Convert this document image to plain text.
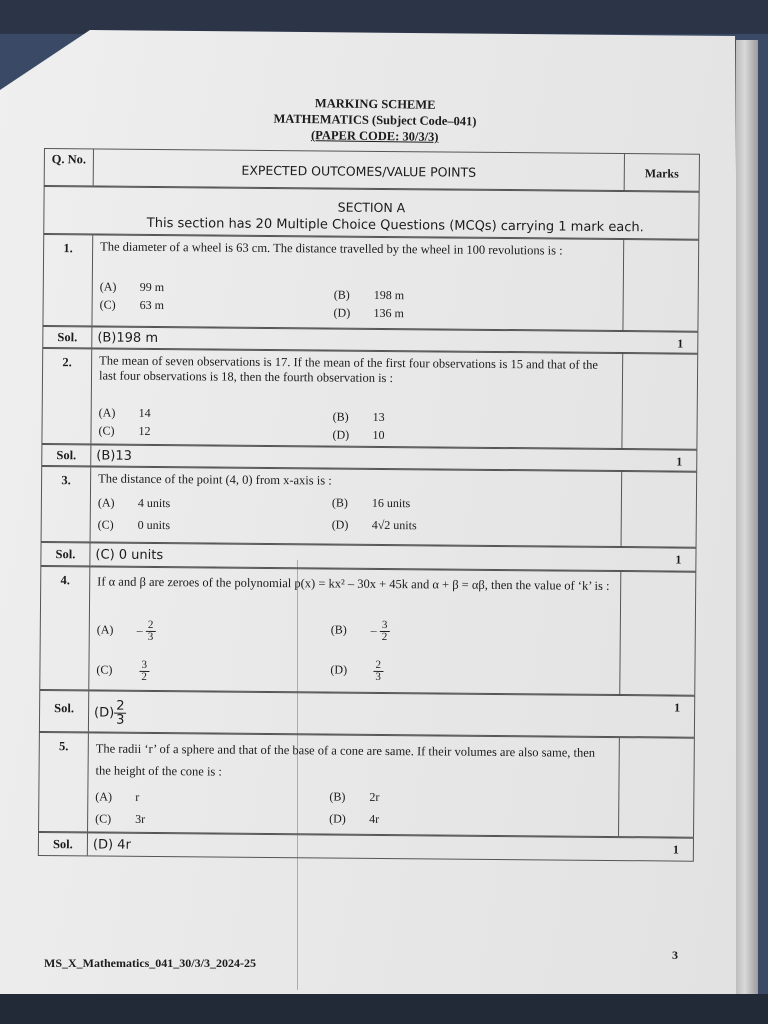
MARKING SCHEME
MATHEMATICS (Subject Code–041)
(PAPER CODE: 30/3/3)
Q. No.
EXPECTED OUTCOMES/VALUE POINTS	Marks
SECTION A
This section has 20 Multiple Choice Questions (MCQs) carrying 1 mark each.
1.	The diameter of a wheel is 63 cm. The distance travelled by the wheel in 100 revolutions is :
(A) 99 m
(B) 198 m
(C) 63 m
(D) 136 m
Sol.	(B)198 m	1
2.	The mean of seven observations is 17. If the mean of the first four observations is 15 and that of the last four observations is 18, then the fourth observation is :
(A) 14	(B) 13
(C) 12	(D) 10
Sol.	(B)13	1
3.	The distance of the point (4, 0) from x-axis is :
(A) 4 units	(B) 16 units
(C) 0 units	(D) 4√2 units
Sol.	(C) 0 units	1
4.	If α and β are zeroes of the polynomial p(x) = kx² – 30x + 45k and α + β = αβ, then the value of ‘k’ is :
$(A) - \frac{2}{3}$	$(B) - \frac{3}{2}$
$(C) \frac{3}{2}$	$(D) \frac{2}{3}$
Sol.	$(D) \frac{2}{3}$	1
5.	The radii ‘r’ of a sphere and that of the base of a cone are same. If their volumes are also same, then the height of the cone is :
(A) r	(B) 2r
(C) 3r	(D) 4r
Sol.	(D) 4r	1
MS_X_Mathematics_041_30/3/3_2024-25
3
